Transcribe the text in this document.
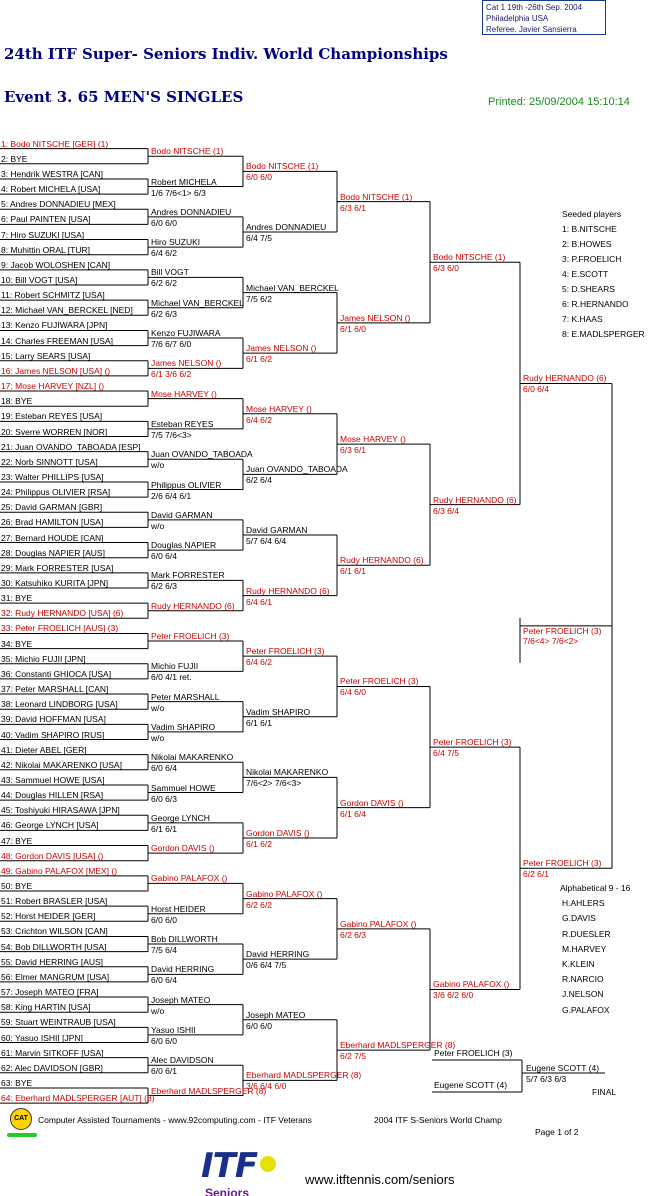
Cat 1 19th -26th Sep. 2004
Philadelphia USA
Referee. Javier Sansierra
24th ITF Super- Seniors Indiv. World Championships
Event 3. 65 MEN'S SINGLES	Printed: 25/09/2004 15:10:14
1: Bodo NITSCHE [GER] (1)
2: BYE
3: Hendrik WESTRA [CAN]
4: Robert MICHELA [USA]
5: Andres DONNADIEU [MEX]
6: Paul PAINTEN [USA]
7: Hiro SUZUKI [USA]
8: Muhittin ORAL [TUR]
9: Jacob WOLOSHEN [CAN]
10: Bill VOGT [USA]
11: Robert SCHMITZ [USA]
12: Michael VAN_BERCKEL [NED]
13: Kenzo FUJIWARA [JPN]
14: Charles FREEMAN [USA]
15: Larry SEARS [USA]
16: James NELSON [USA] ()
17: Mose HARVEY [NZL] ()
18: BYE
19: Esteban REYES [USA]
20: Sverre WORREN [NOR]
21: Juan OVANDO_TABOADA [ESP]
22: Norb SINNOTT [USA]
23: Walter PHILLIPS [USA]
24: Philippus OLIVIER [RSA]
25: David GARMAN [GBR]
26: Brad HAMILTON [USA]
27: Bernard HOUDE [CAN]
28: Douglas NAPIER [AUS]
29: Mark FORRESTER [USA]
30: Katsuhiko KURITA [JPN]
31: BYE
32: Rudy HERNANDO [USA] (6)
33: Peter FROELICH [AUS] (3)
34: BYE
35: Michio FUJII [JPN]
36: Constanti GHIOCA [USA]
37: Peter MARSHALL [CAN]
38: Leonard LINDBORG [USA]
39: David HOFFMAN [USA]
40: Vadim SHAPIRO [RUS]
41: Dieter ABEL [GER]
42: Nikolai MAKARENKO [USA]
43: Sammuel HOWE [USA]
44: Douglas HILLEN [RSA]
45: Toshiyuki HIRASAWA [JPN]
46: George LYNCH [USA]
47: BYE
48: Gordon DAVIS [USA] ()
49: Gabino PALAFOX [MEX] ()
50: BYE
51: Robert BRASLER [USA]
52: Horst HEIDER [GER]
53: Crichton WILSON [CAN]
54: Bob DILLWORTH [USA]
55: David HERRING [AUS]
56: Elmer MANGRUM [USA]
57: Joseph MATEO [FRA]
58: King HARTIN [USA]
59: Stuart WEINTRAUB [USA]
60: Yasuo ISHII [JPN]
61: Marvin SITKOFF [USA]
62: Alec DAVIDSON [GBR]
63: BYE
64: Eberhard MADLSPERGER [AUT] (8)
Bodo NITSCHE (1)
Robert MICHELA
1/6 7/6<1> 6/3
Andres DONNADIEU
6/0 6/0
Hiro SUZUKI
6/4 6/2
Bill VOGT
6/2 6/2
Michael VAN_BERCKEL
6/2 6/3
Kenzo FUJIWARA
7/6 6/7 6/0
James NELSON ()
6/1 3/6 6/2
Mose HARVEY ()
Esteban REYES
7/5 7/6<3>
Juan OVANDO_TABOADA
w/o
Philippus OLIVIER
2/6 6/4 6/1
David GARMAN
w/o
Douglas NAPIER
6/0 6/4
Mark FORRESTER
6/2 6/3
Rudy HERNANDO (6)
Peter FROELICH (3)
Michio FUJII
6/0 4/1 ret.
Peter MARSHALL
w/o
Vadim SHAPIRO
w/o
Nikolai MAKARENKO
6/0 6/4
Sammuel HOWE
6/0 6/3
George LYNCH
6/1 6/1
Gordon DAVIS ()
Gabino PALAFOX ()
Horst HEIDER
6/0 6/0
Bob DILLWORTH
7/5 6/4
David HERRING
6/0 6/4
Joseph MATEO
w/o
Yasuo ISHII
6/0 6/0
Alec DAVIDSON
6/0 6/1
Eberhard MADLSPERGER (8)
Bodo NITSCHE (1)
6/0 6/0
Andres DONNADIEU
6/4 7/5
Michael VAN_BERCKEL
7/5 6/2
James NELSON ()
6/1 6/2
Mose HARVEY ()
6/4 6/2
Juan OVANDO_TABOADA
6/2 6/4
David GARMAN
5/7 6/4 6/4
Rudy HERNANDO (6)
6/4 6/1
Peter FROELICH (3)
6/4 6/2
Vadim SHAPIRO
6/1 6/1
Nikolai MAKARENKO
7/6<2> 7/6<3>
Gordon DAVIS ()
6/1 6/2
Gabino PALAFOX ()
6/2 6/2
David HERRING
0/6 6/4 7/5
Joseph MATEO
6/0 6/0
Eberhard MADLSPERGER (8)
3/6 6/4 6/0
Bodo NITSCHE (1)
6/3 6/1
James NELSON ()
6/1 6/0
Mose HARVEY ()
6/3 6/1
Rudy HERNANDO (6)
6/1 6/1
Peter FROELICH (3)
6/4 6/0
Gordon DAVIS ()
6/1 6/4
Gabino PALAFOX ()
6/2 6/3
Eberhard MADLSPERGER (8)
6/2 7/5
Bodo NITSCHE (1)
6/3 6/0
Rudy HERNANDO (6)
6/3 6/4
Peter FROELICH (3)
6/4 7/5
Gabino PALAFOX ()
3/6 6/2 6/0
Rudy HERNANDO (6)
6/0 6/4
Peter FROELICH (3)
6/2 6/1
Peter FROELICH (3)
7/6<4> 7/6<2>
Peter FROELICH (3)
Eugene SCOTT (4)
Eugene SCOTT (4)
5/7 6/3 6/3
Seeded players
1: B.NITSCHE
2: B.HOWES
3: P.FROELICH
4: E.SCOTT
5: D.SHEARS
6: R.HERNANDO
7: K.HAAS
8: E.MADLSPERGER
Alphabetical 9 - 16
H.AHLERS
G.DAVIS
R.DUESLER
M.HARVEY
K.KLEIN
R.NARCIO
J.NELSON
G.PALAFOX
FINAL
CAT	Computer Assisted Tournaments - www.92computing.com - ITF Veterans	2004 ITF S-Seniors World Champ
Page 1 of 2
ITF
Seniors
www.itftennis.com/seniors
